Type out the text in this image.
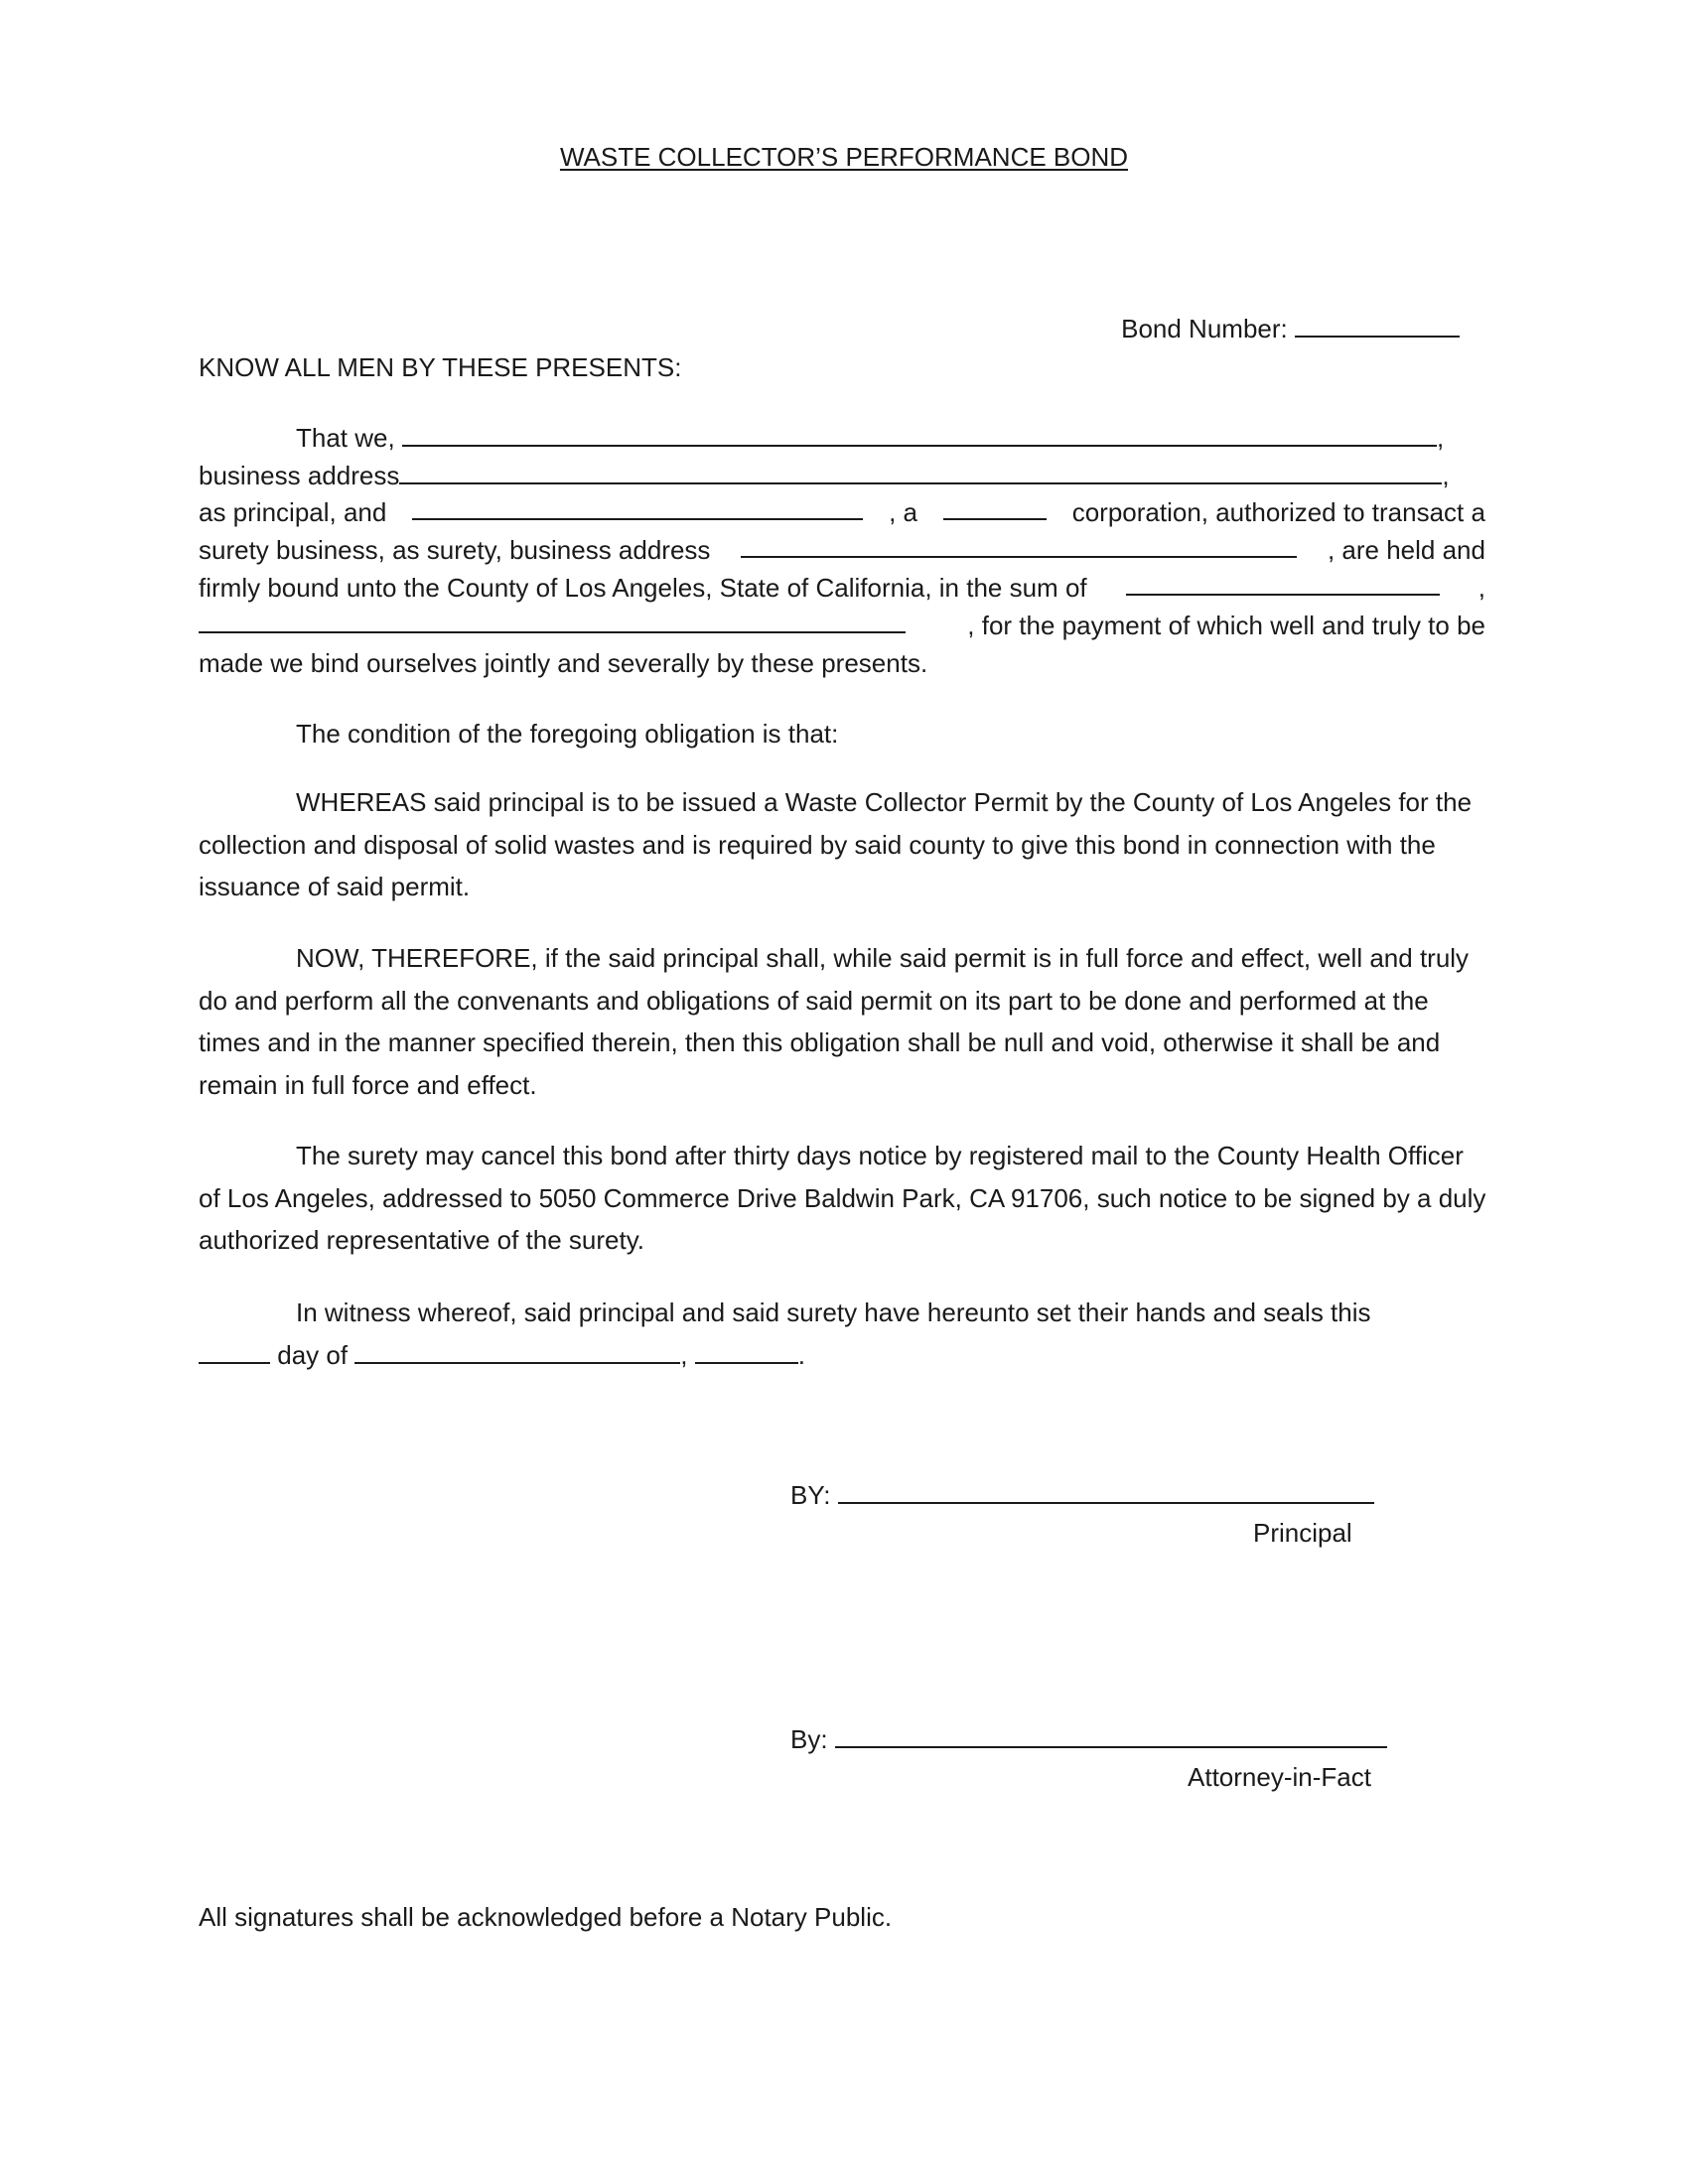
WASTE COLLECTOR’S PERFORMANCE BOND

Bond Number:

KNOW ALL MEN BY THESE PRESENTS:
That we,	,
business address	,
as principal, and	, a	corporation, authorized to transact a
surety business, as surety, business address	, are held and
firmly bound unto the County of Los Angeles, State of California, in the sum of	,
, for the payment of which well and truly to be
made we bind ourselves jointly and severally by these presents.
The condition of the foregoing obligation is that:
WHEREAS said principal is to be issued a Waste Collector Permit by the County of Los Angeles for the collection and disposal of solid wastes and is required by said county to give this bond in connection with the issuance of said permit.
NOW, THEREFORE, if the said principal shall, while said permit is in full force and effect, well and truly do and perform all the convenants and obligations of said permit on its part to be done and performed at the times and in the manner specified therein, then this obligation shall be null and void, otherwise it shall be and remain in full force and effect.
The surety may cancel this bond after thirty days notice by registered mail to the County Health Officer of Los Angeles, addressed to 5050 Commerce Drive Baldwin Park, CA 91706, such notice to be signed by a duly authorized representative of the surety.
In witness whereof, said principal and said surety have hereunto set their hands and seals this
day of	,	.
BY:
Principal
By:
Attorney-in-Fact
All signatures shall be acknowledged before a Notary Public.
